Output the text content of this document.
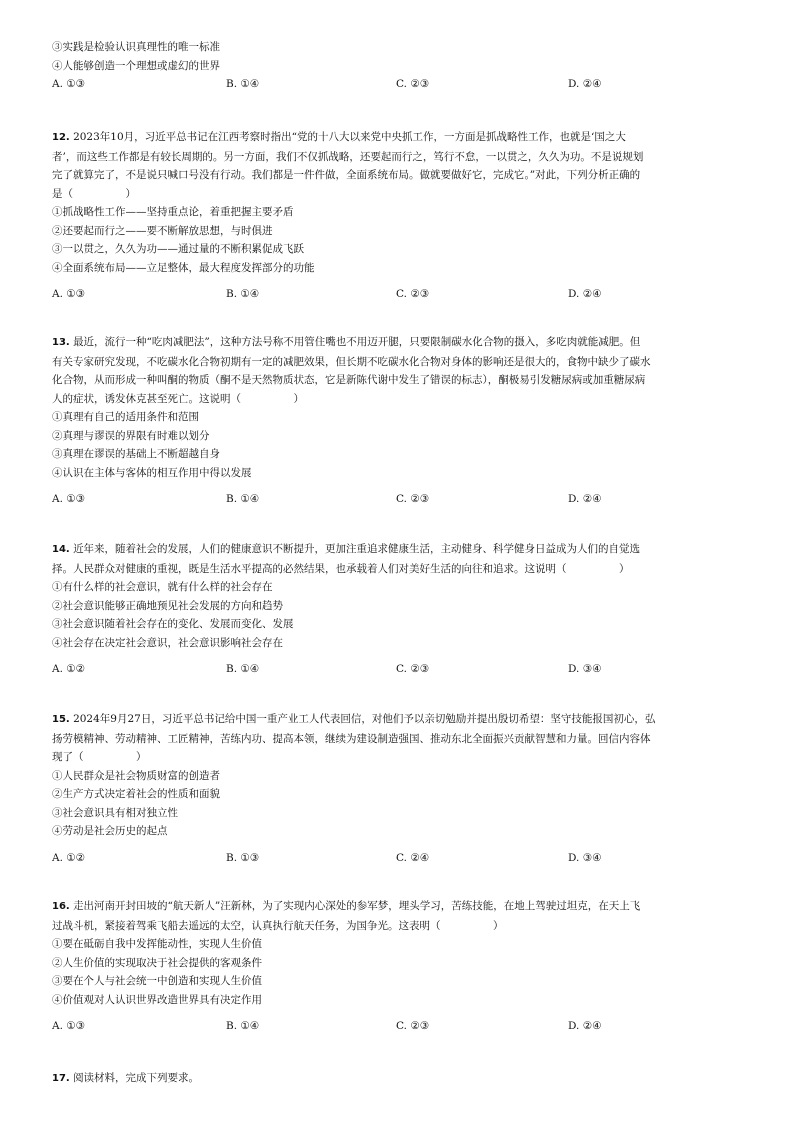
③实践是检验认识真理性的唯一标准
④人能够创造一个理想或虚幻的世界
A. ①③	B. ①④	C. ②③	D. ②④
12. 2023年10月，习近平总书记在江西考察时指出“党的十八大以来党中央抓工作，一方面是抓战略性工作，也就是‘国之大
者’，而这些工作都是有较长周期的。另一方面，我们不仅抓战略，还要起而行之，笃行不怠，一以贯之，久久为功。不是说规划
完了就算完了，不是说只喊口号没有行动。我们都是一件件做，全面系统布局。做就要做好它，完成它。”对此，下列分析正确的
是（　　　　　）
①抓战略性工作——坚持重点论，着重把握主要矛盾
②还要起而行之——要不断解放思想，与时俱进
③一以贯之，久久为功——通过量的不断积累促成飞跃
④全面系统布局——立足整体，最大程度发挥部分的功能
A. ①③	B. ①④	C. ②③	D. ②④
13. 最近，流行一种“吃肉减肥法”，这种方法号称不用管住嘴也不用迈开腿，只要限制碳水化合物的摄入，多吃肉就能减肥。但
有关专家研究发现，不吃碳水化合物初期有一定的减肥效果，但长期不吃碳水化合物对身体的影响还是很大的，食物中缺少了碳水
化合物，从而形成一种叫酮的物质（酮不是天然物质状态，它是新陈代谢中发生了错误的标志），酮极易引发糖尿病或加重糖尿病
人的症状，诱发休克甚至死亡。这说明（　　　　　）
①真理有自己的适用条件和范围
②真理与谬误的界限有时难以划分
③真理在谬误的基础上不断超越自身
④认识在主体与客体的相互作用中得以发展
A. ①③	B. ①④	C. ②③	D. ②④
14. 近年来，随着社会的发展，人们的健康意识不断提升，更加注重追求健康生活，主动健身、科学健身日益成为人们的自觉选
择。人民群众对健康的重视，既是生活水平提高的必然结果，也承载着人们对美好生活的向往和追求。这说明（　　　　　）
①有什么样的社会意识，就有什么样的社会存在
②社会意识能够正确地预见社会发展的方向和趋势
③社会意识随着社会存在的变化、发展而变化、发展
④社会存在决定社会意识，社会意识影响社会存在
A. ①②	B. ①④	C. ②③	D. ③④
15. 2024年9月27日，习近平总书记给中国一重产业工人代表回信，对他们予以亲切勉励并提出殷切希望：坚守技能报国初心，弘
扬劳模精神、劳动精神、工匠精神，苦练内功、提高本领，继续为建设制造强国、推动东北全面振兴贡献智慧和力量。回信内容体
现了（　　　　　）
①人民群众是社会物质财富的创造者
②生产方式决定着社会的性质和面貌
③社会意识具有相对独立性
④劳动是社会历史的起点
A. ①②	B. ①③	C. ②④	D. ③④
16. 走出河南开封田坡的“航天新人”汪新林，为了实现内心深处的参军梦，埋头学习，苦练技能，在地上驾驶过坦克，在天上飞
过战斗机，紧接着驾乘飞船去遥远的太空，认真执行航天任务，为国争光。这表明（　　　　　）
①要在砥砺自我中发挥能动性，实现人生价值
②人生价值的实现取决于社会提供的客观条件
③要在个人与社会统一中创造和实现人生价值
④价值观对人认识世界改造世界具有决定作用
A. ①③	B. ①④	C. ②③	D. ②④
17. 阅读材料，完成下列要求。
